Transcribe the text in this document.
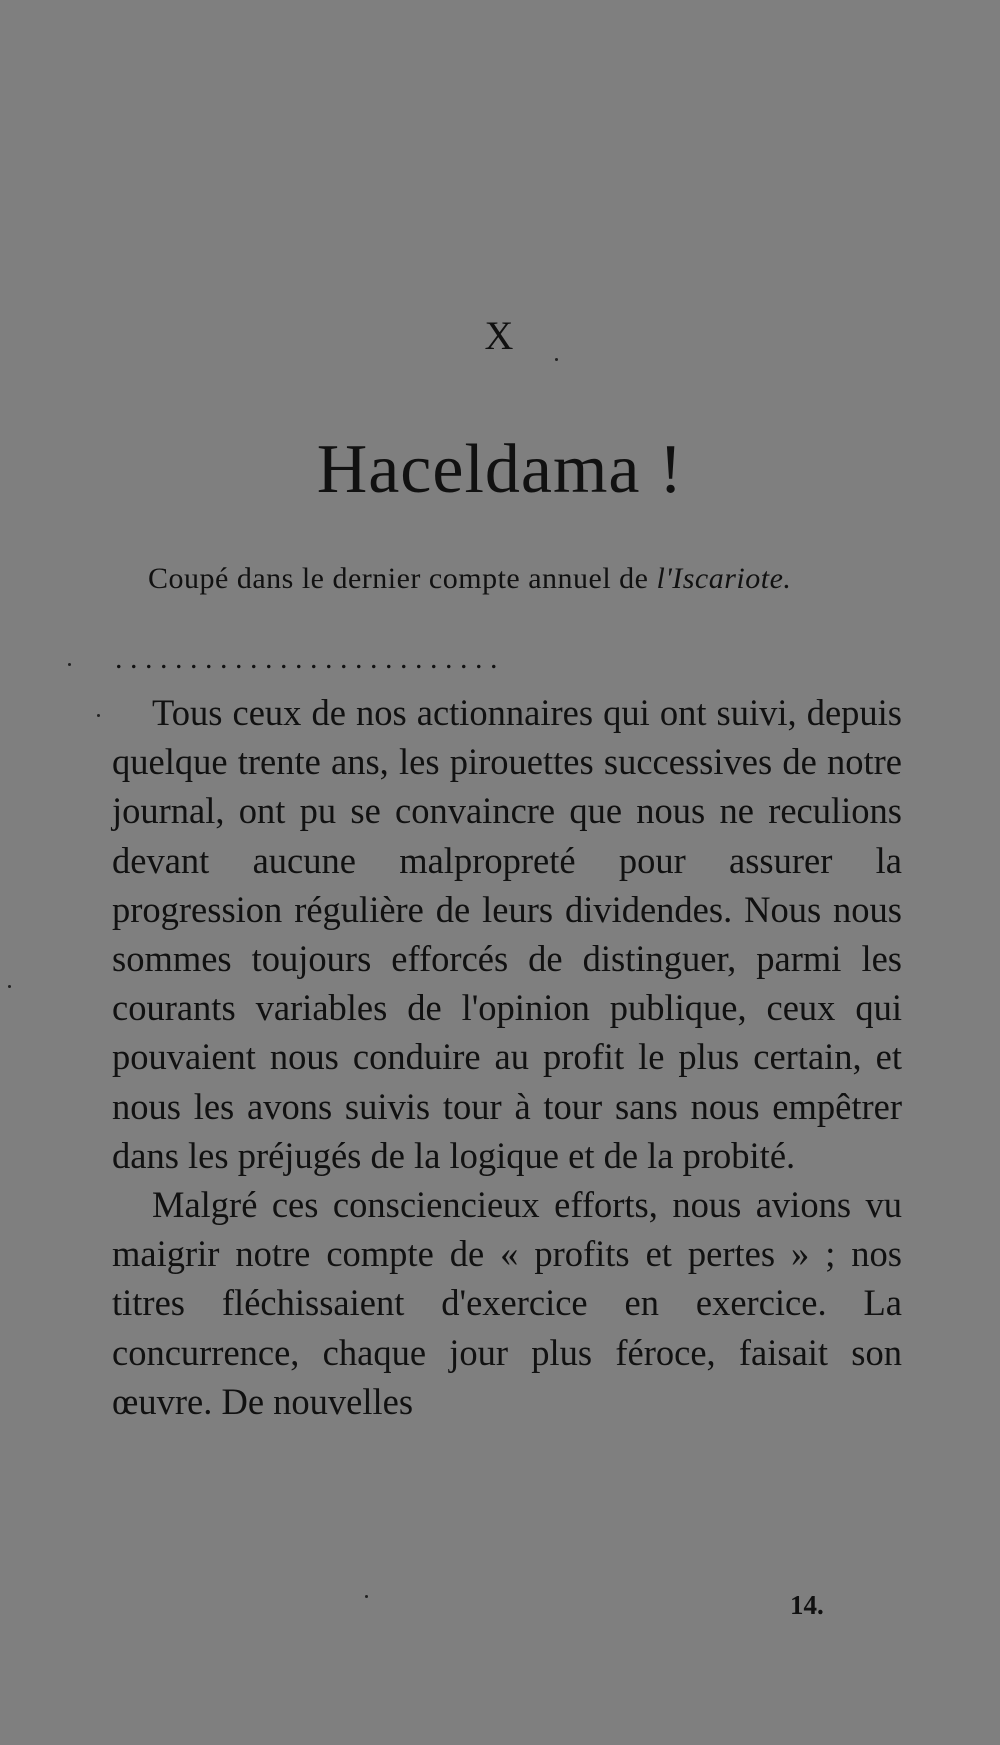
X
Haceldama !
Coupé dans le dernier compte annuel de l'Iscariote.
. . . . . . . . . . . . . . . . . . . . . . . . . .

Tous ceux de nos actionnaires qui ont suivi, depuis quelque trente ans, les pirouettes successives de notre journal, ont pu se convaincre que nous ne reculions devant aucune malpropreté pour assurer la progression régulière de leurs dividendes. Nous nous sommes toujours efforcés de distinguer, parmi les courants variables de l'opinion publique, ceux qui pouvaient nous conduire au profit le plus certain, et nous les avons suivis tour à tour sans nous empêtrer dans les préjugés de la logique et de la probité.

Malgré ces consciencieux efforts, nous avions vu maigrir notre compte de « profits et pertes » ; nos titres fléchissaient d'exercice en exercice. La concurrence, chaque jour plus féroce, faisait son œuvre. De nouvelles

14.
